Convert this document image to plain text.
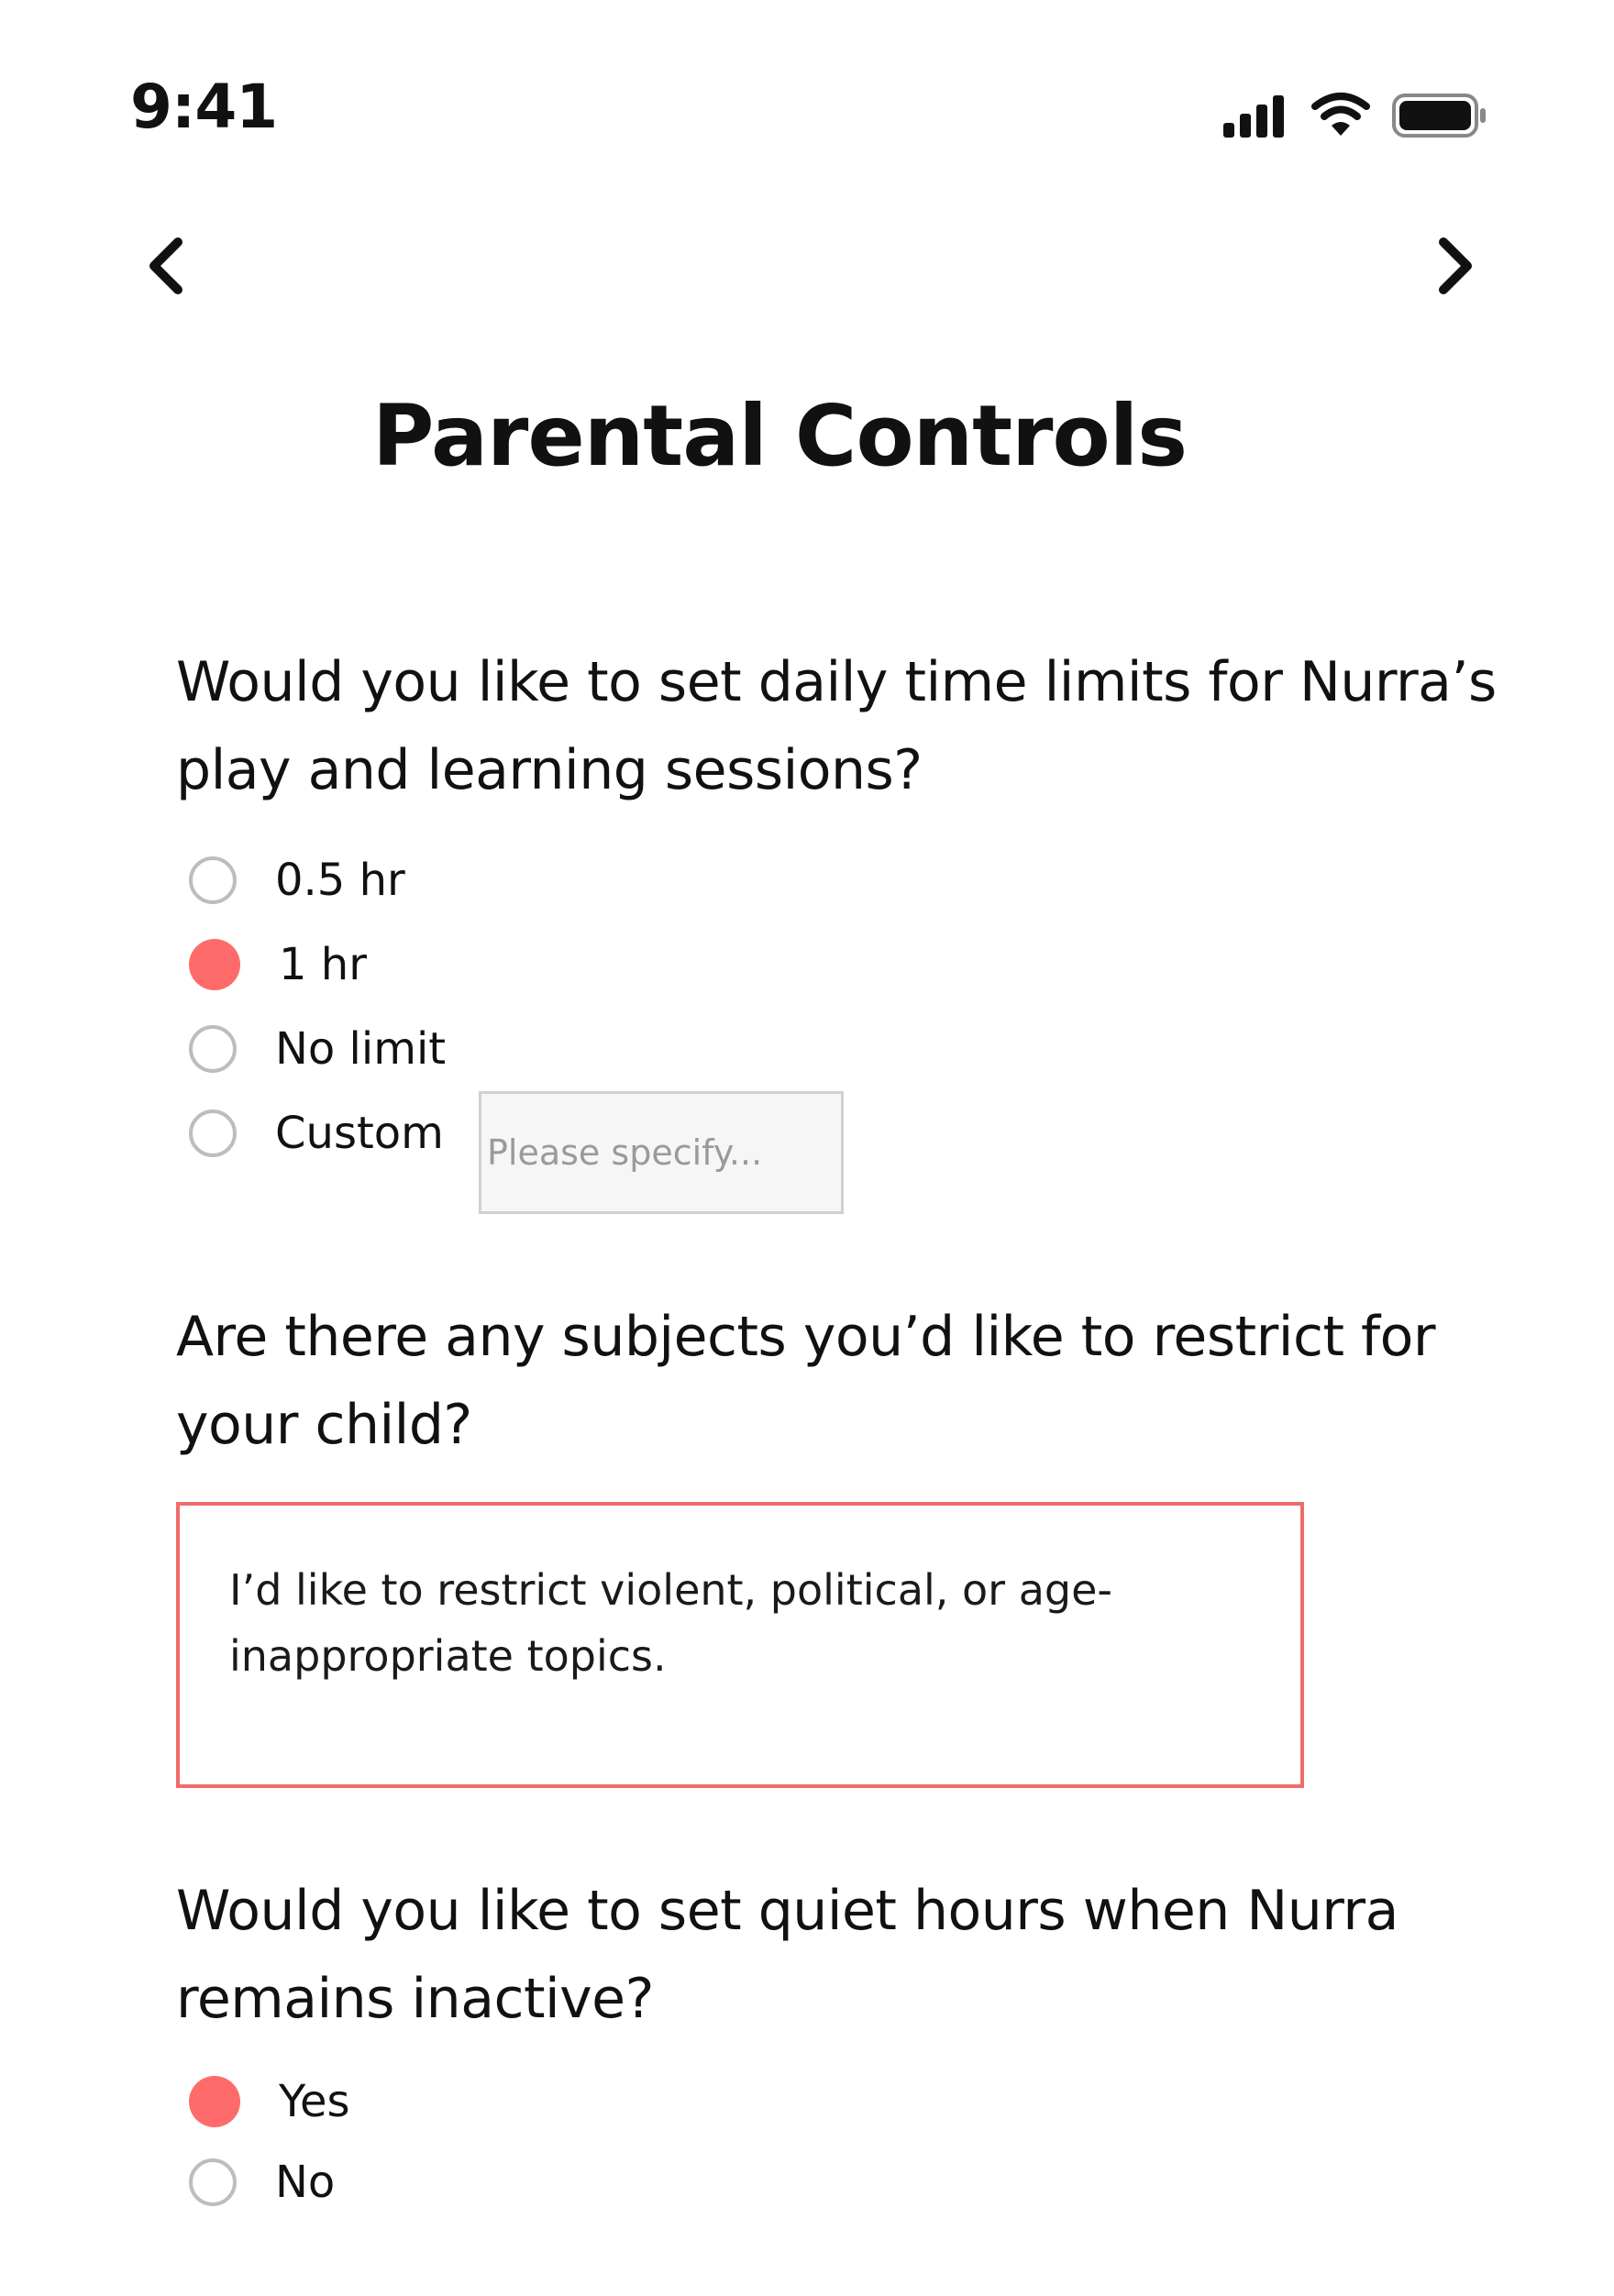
9:41
Parental Controls
Would you like to set daily time limits for Nurra’s play and learning sessions?
0.5 hr
1 hr
No limit
Custom
Please specify...
Are there any subjects you’d like to restrict for your child?
I’d like to restrict violent, political, or age-inappropriate topics.
Would you like to set quiet hours when Nurra remains inactive?
Yes
No
